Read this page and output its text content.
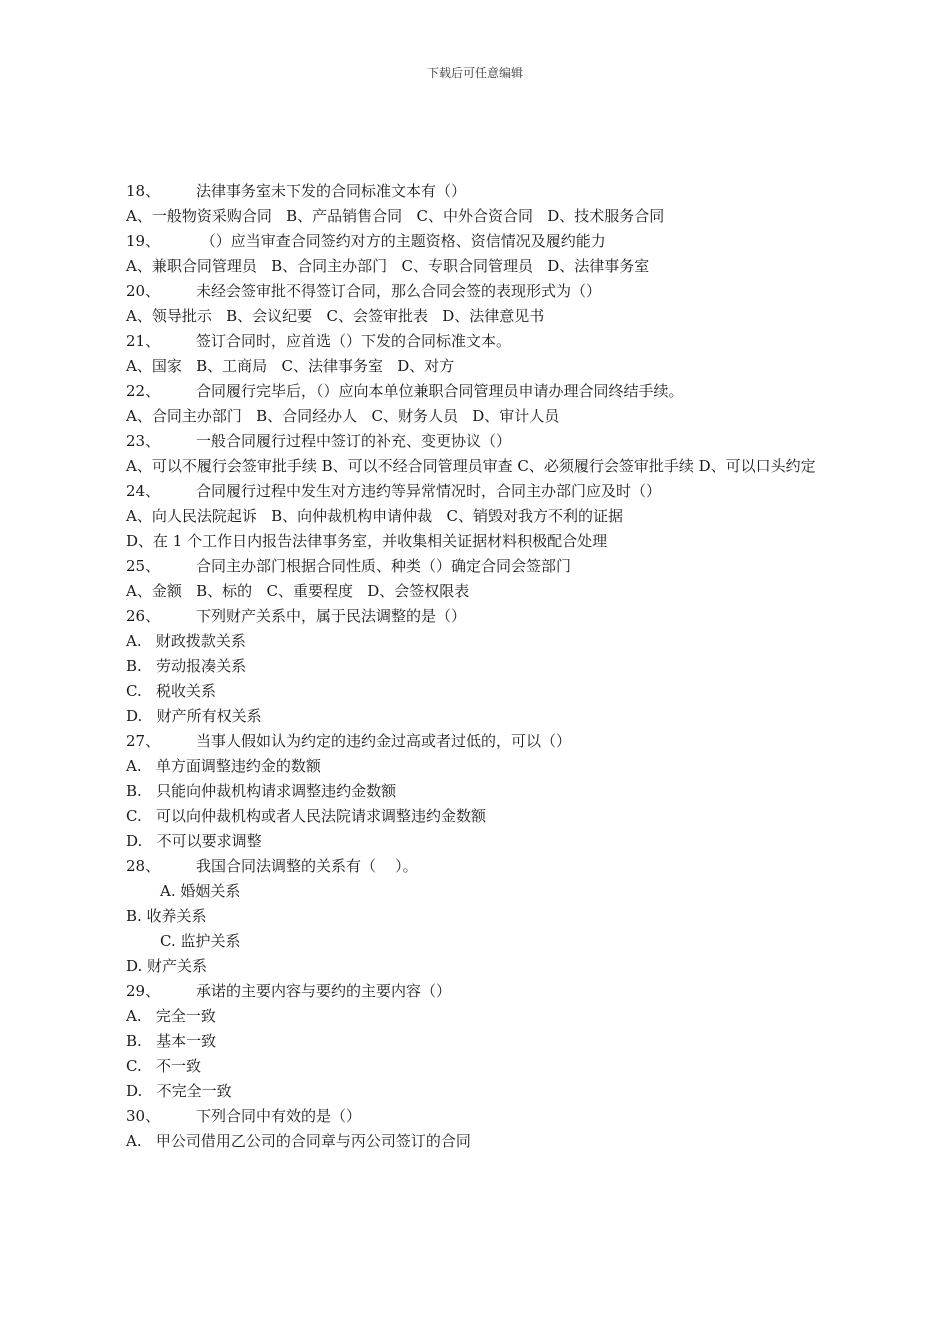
下载后可任意编辑
18、	法律事务室未下发的合同标准文本有（）
A、一般物资采购合同   B、产品销售合同   C、中外合资合同   D、技术服务合同
19、	（）应当审查合同签约对方的主题资格、资信情况及履约能力
A、兼职合同管理员   B、合同主办部门   C、专职合同管理员   D、法律事务室
20、	未经会签审批不得签订合同，那么合同会签的表现形式为（）
A、领导批示   B、会议纪要   C、会签审批表   D、法律意见书
21、	签订合同时，应首选（）下发的合同标准文本。
A、国家   B、工商局   C、法律事务室   D、对方
22、	合同履行完毕后，（）应向本单位兼职合同管理员申请办理合同终结手续。
A、合同主办部门   B、合同经办人   C、财务人员   D、审计人员
23、	一般合同履行过程中签订的补充、变更协议（）
A、可以不履行会签审批手续 B、可以不经合同管理员审查 C、必须履行会签审批手续 D、可以口头约定
24、	合同履行过程中发生对方违约等异常情况时，合同主办部门应及时（）
A、向人民法院起诉   B、向仲裁机构申请仲裁   C、销毁对我方不利的证据
D、在 1 个工作日内报告法律事务室，并收集相关证据材料积极配合处理
25、	合同主办部门根据合同性质、种类（）确定合同会签部门
A、金额   B、标的   C、重要程度   D、会签权限表
26、	下列财产关系中，属于民法调整的是（）
A.   财政拨款关系
B.   劳动报凑关系
C.   税收关系
D.   财产所有权关系
27、	当事人假如认为约定的违约金过高或者过低的，可以（）
A.   单方面调整违约金的数额
B.   只能向仲裁机构请求调整违约金数额
C.   可以向仲裁机构或者人民法院请求调整违约金数额
D.   不可以要求调整
28、	我国合同法调整的关系有（    ）。
A. 婚姻关系
B. 收养关系
C. 监护关系
D. 财产关系
29、	承诺的主要内容与要约的主要内容（）
A.   完全一致
B.   基本一致
C.   不一致
D.   不完全一致
30、	下列合同中有效的是（）
A.   甲公司借用乙公司的合同章与丙公司签订的合同
